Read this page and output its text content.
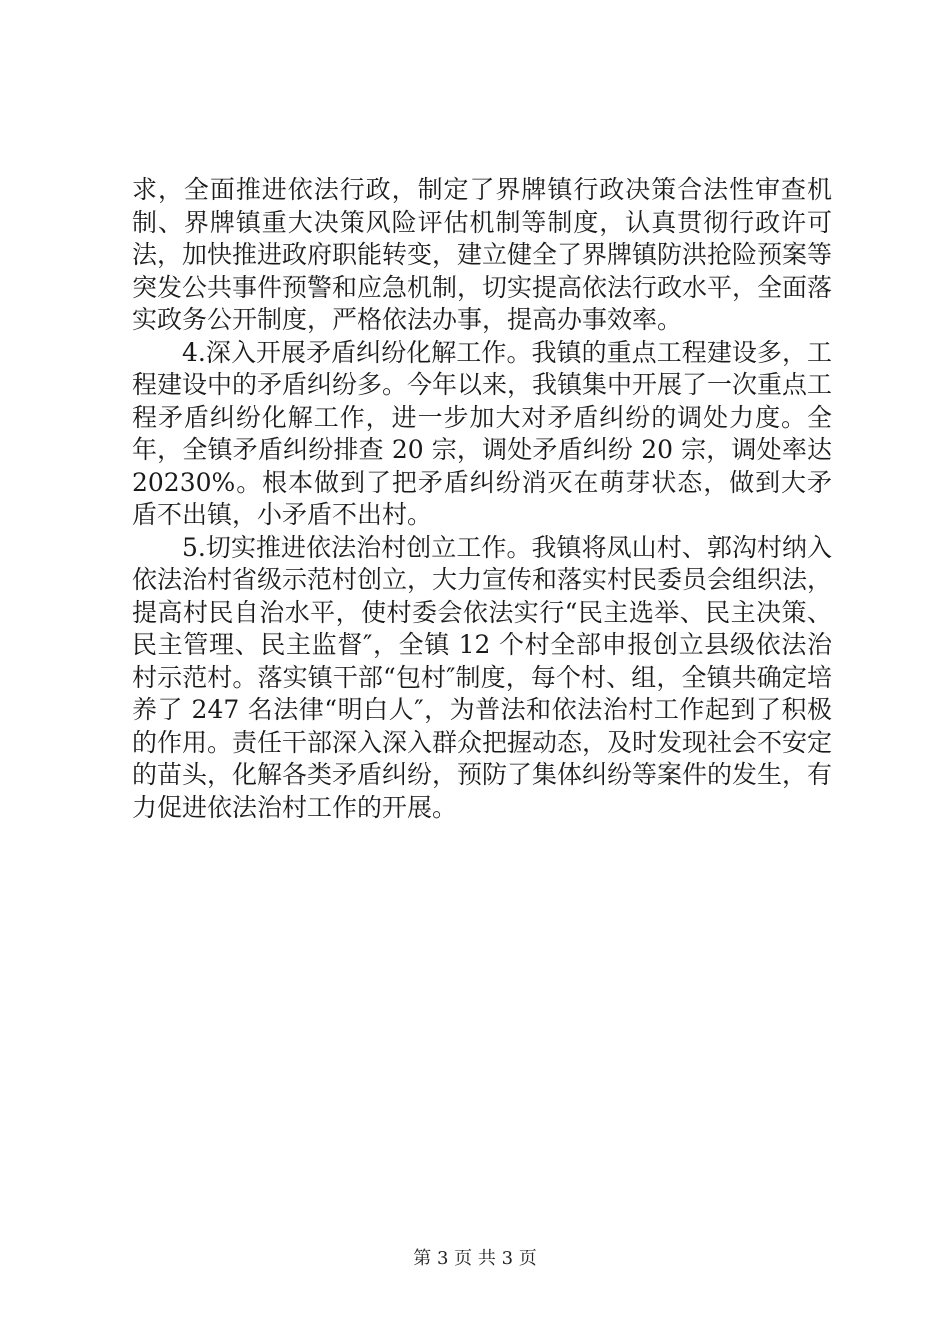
求，全面推进依法行政，制定了界牌镇行政决策合法性审查机制、界牌镇重大决策风险评估机制等制度，认真贯彻行政许可法，加快推进政府职能转变，建立健全了界牌镇防洪抢险预案等突发公共事件预警和应急机制，切实提高依法行政水平，全面落实政务公开制度，严格依法办事，提高办事效率。

4.深入开展矛盾纠纷化解工作。我镇的重点工程建设多，工程建设中的矛盾纠纷多。今年以来，我镇集中开展了一次重点工程矛盾纠纷化解工作，进一步加大对矛盾纠纷的调处力度。全年，全镇矛盾纠纷排查 20 宗，调处矛盾纠纷 20 宗，调处率达 20230%。根本做到了把矛盾纠纷消灭在萌芽状态，做到大矛盾不出镇，小矛盾不出村。

5.切实推进依法治村创立工作。我镇将凤山村、郭沟村纳入依法治村省级示范村创立，大力宣传和落实村民委员会组织法，提高村民自治水平，使村委会依法实行“民主选举、民主决策、民主管理、民主监督″，全镇 12 个村全部申报创立县级依法治村示范村。落实镇干部“包村″制度，每个村、组，全镇共确定培养了 247 名法律“明白人″，为普法和依法治村工作起到了积极的作用。责任干部深入深入群众把握动态，及时发现社会不安定的苗头，化解各类矛盾纠纷，预防了集体纠纷等案件的发生，有力促进依法治村工作的开展。

第 3 页 共 3 页
